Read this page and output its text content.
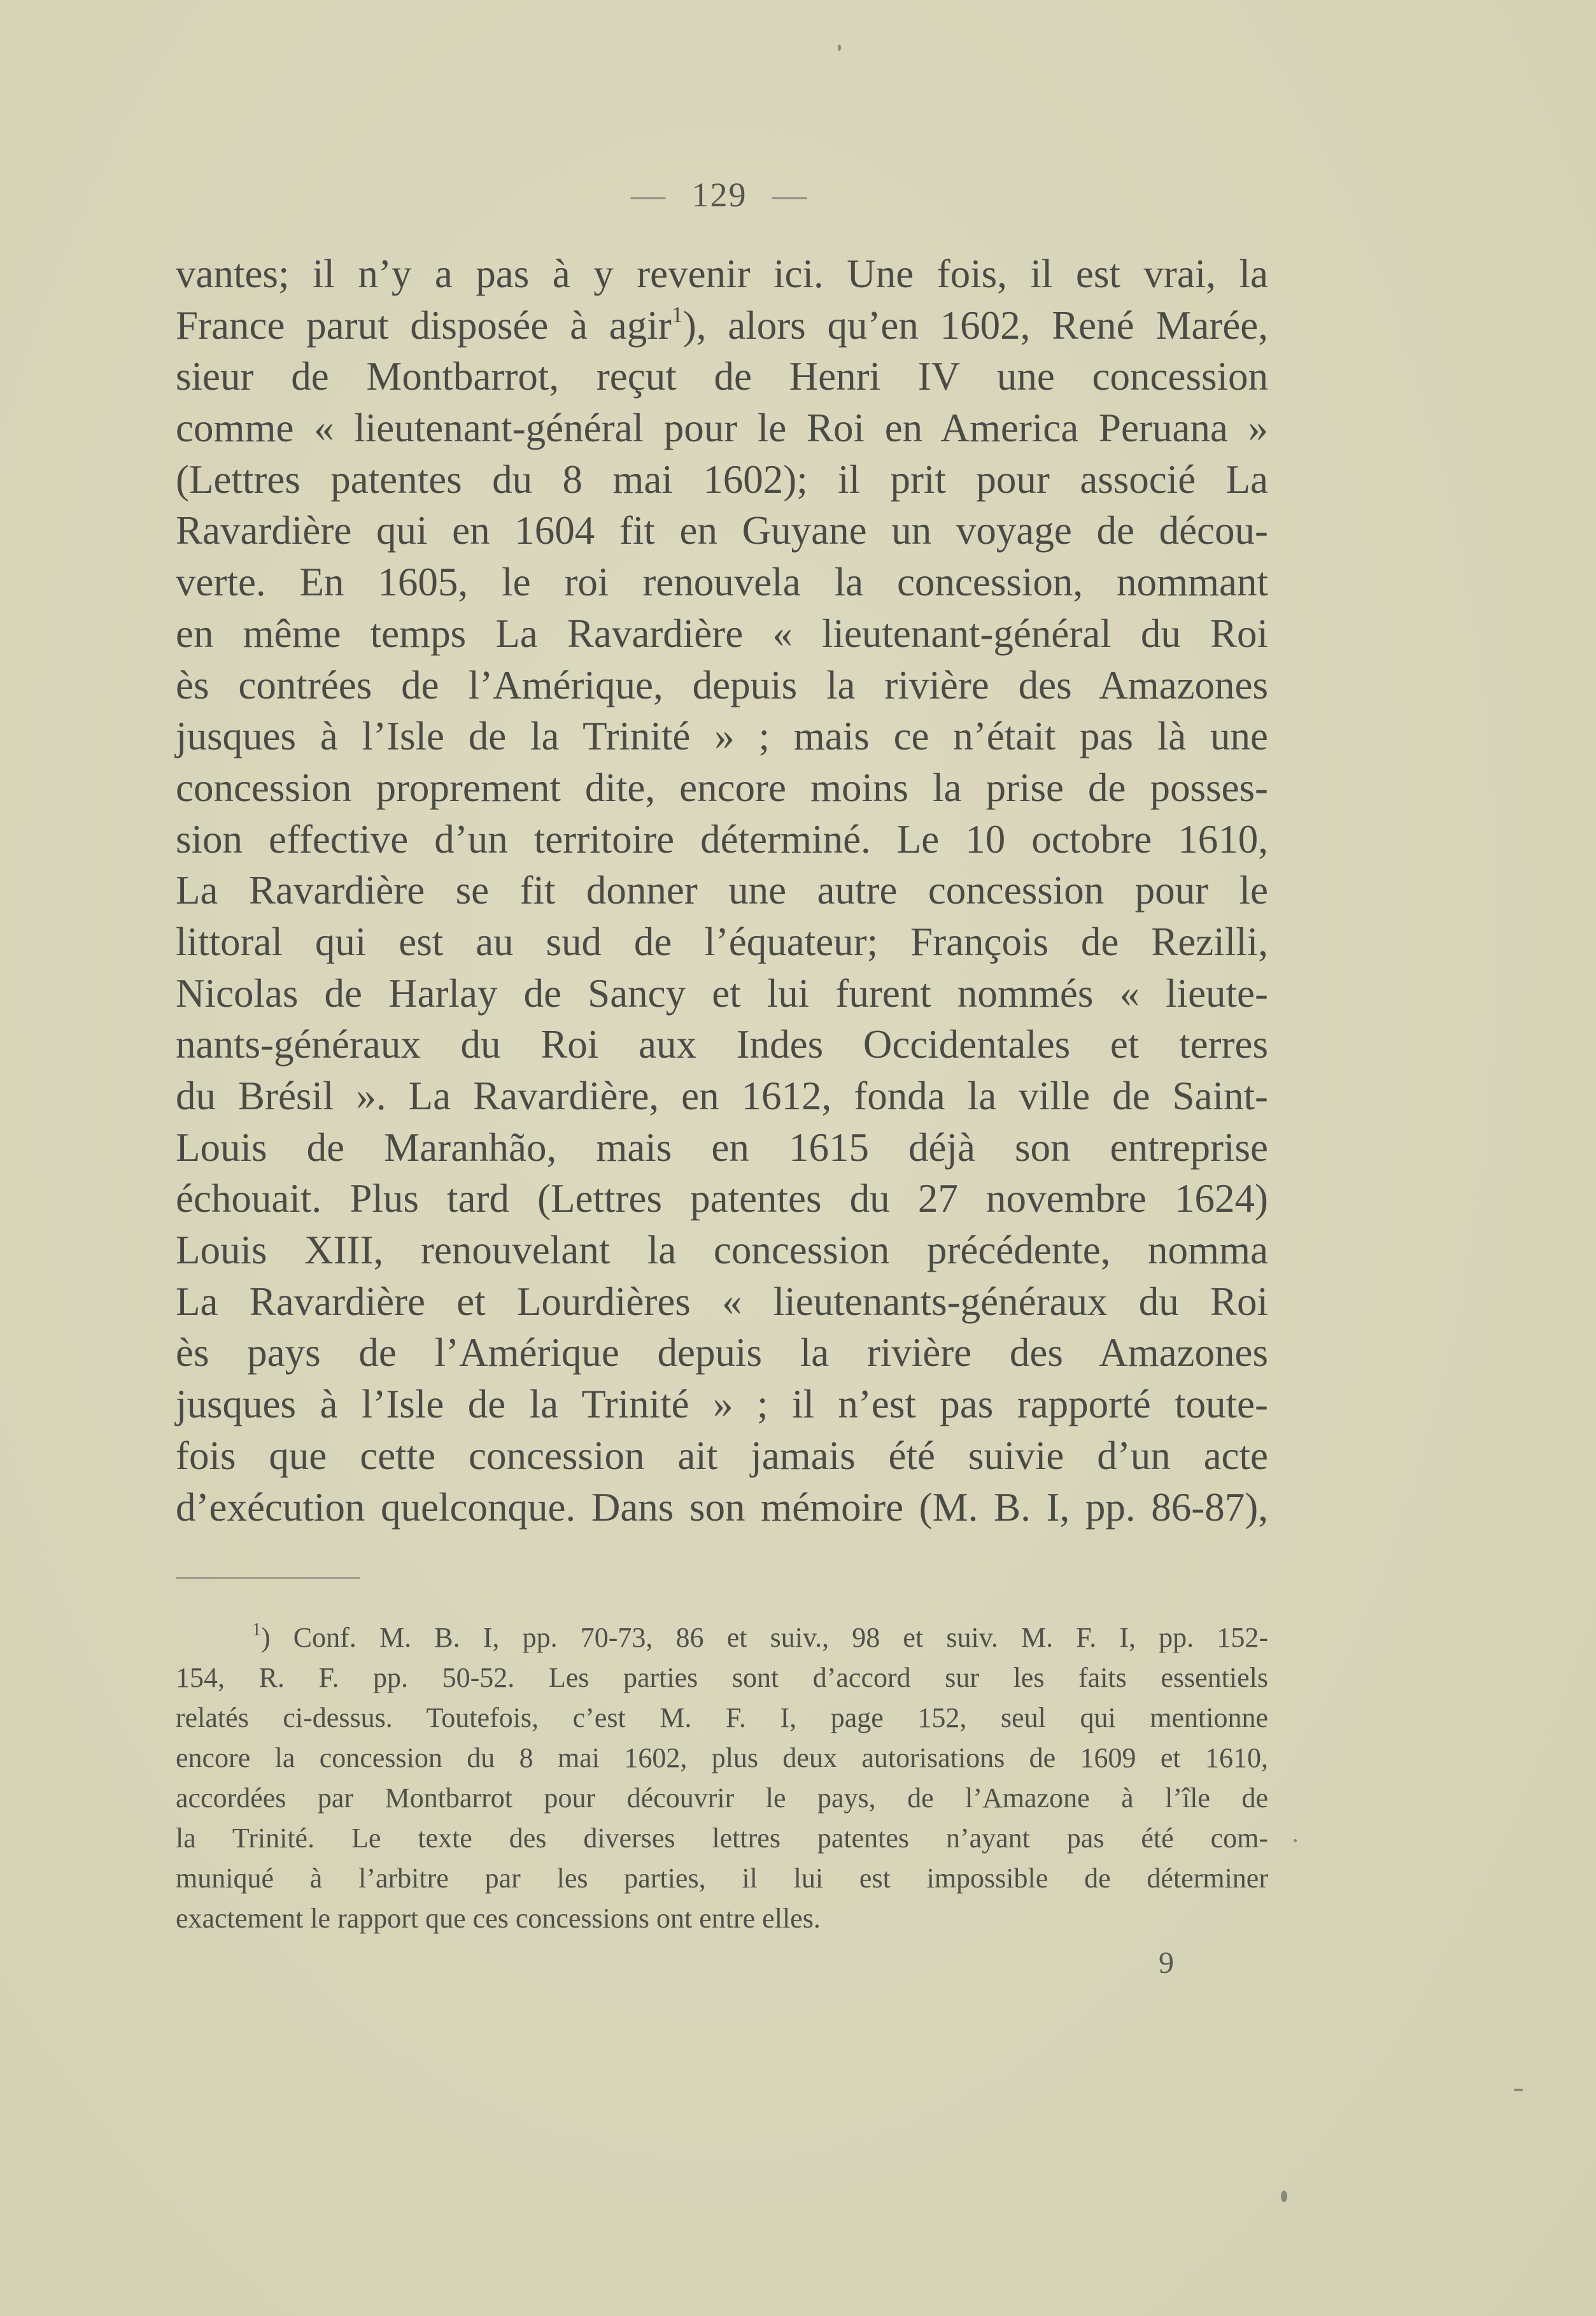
— 129 —
vantes; il n’y a pas à y revenir ici. Une fois, il est vrai, la
France parut disposée à agir$^1$), alors qu’en 1602, René Marée,
sieur de Montbarrot, reçut de Henri IV une concession
comme « lieutenant-général pour le Roi en America Peruana »
(Lettres patentes du 8 mai 1602); il prit pour associé La
Ravardière qui en 1604 fit en Guyane un voyage de décou-
verte. En 1605, le roi renouvela la concession, nommant
en même temps La Ravardière « lieutenant-général du Roi
ès contrées de l’Amérique, depuis la rivière des Amazones
jusques à l’Isle de la Trinité » ; mais ce n’était pas là une
concession proprement dite, encore moins la prise de posses-
sion effective d’un territoire déterminé. Le 10 octobre 1610,
La Ravardière se fit donner une autre concession pour le
littoral qui est au sud de l’équateur; François de Rezilli,
Nicolas de Harlay de Sancy et lui furent nommés « lieute-
nants-généraux du Roi aux Indes Occidentales et terres
du Brésil ». La Ravardière, en 1612, fonda la ville de Saint-
Louis de Maranhão, mais en 1615 déjà son entreprise
échouait. Plus tard (Lettres patentes du 27 novembre 1624)
Louis XIII, renouvelant la concession précédente, nomma
La Ravardière et Lourdières « lieutenants-généraux du Roi
ès pays de l’Amérique depuis la rivière des Amazones
jusques à l’Isle de la Trinité » ; il n’est pas rapporté toute-
fois que cette concession ait jamais été suivie d’un acte
d’exécution quelconque. Dans son mémoire (M. B. I, pp. 86-87),
$^1$) Conf. M. B. I, pp. 70-73, 86 et suiv., 98 et suiv. M. F. I, pp. 152-
154, R. F. pp. 50-52. Les parties sont d’accord sur les faits essentiels
relatés ci-dessus. Toutefois, c’est M. F. I, page 152, seul qui mentionne
encore la concession du 8 mai 1602, plus deux autorisations de 1609 et 1610,
accordées par Montbarrot pour découvrir le pays, de l’Amazone à l’île de
la Trinité. Le texte des diverses lettres patentes n’ayant pas été com-
muniqué à l’arbitre par les parties, il lui est impossible de déterminer
exactement le rapport que ces concessions ont entre elles.
9
